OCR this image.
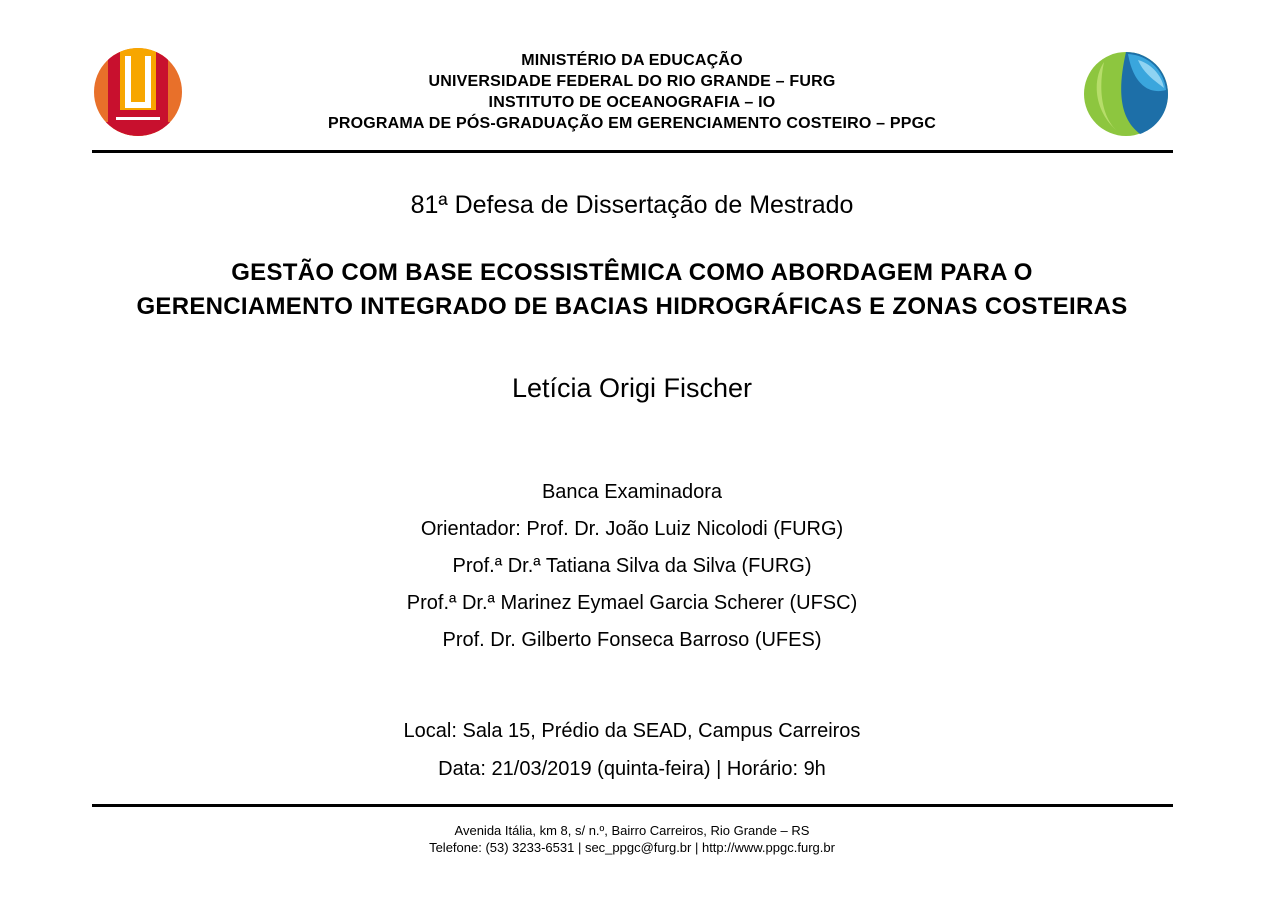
MINISTÉRIO DA EDUCAÇÃO
UNIVERSIDADE FEDERAL DO RIO GRANDE – FURG
INSTITUTO DE OCEANOGRAFIA – IO
PROGRAMA DE PÓS-GRADUAÇÃO EM GERENCIAMENTO COSTEIRO – PPGC
81ª Defesa de Dissertação de Mestrado
GESTÃO COM BASE ECOSSISTÊMICA COMO ABORDAGEM PARA O
GERENCIAMENTO INTEGRADO DE BACIAS HIDROGRÁFICAS E ZONAS COSTEIRAS
Letícia Origi Fischer
Banca Examinadora
Orientador: Prof. Dr. João Luiz Nicolodi (FURG)
Prof.ª Dr.ª Tatiana Silva da Silva (FURG)
Prof.ª Dr.ª Marinez Eymael Garcia Scherer (UFSC)
Prof. Dr. Gilberto Fonseca Barroso (UFES)
Local: Sala 15, Prédio da SEAD, Campus Carreiros
Data: 21/03/2019 (quinta-feira) | Horário: 9h
Avenida Itália, km 8, s/ n.º, Bairro Carreiros, Rio Grande – RS
Telefone: (53) 3233-6531 | sec_ppgc@furg.br | http://www.ppgc.furg.br
